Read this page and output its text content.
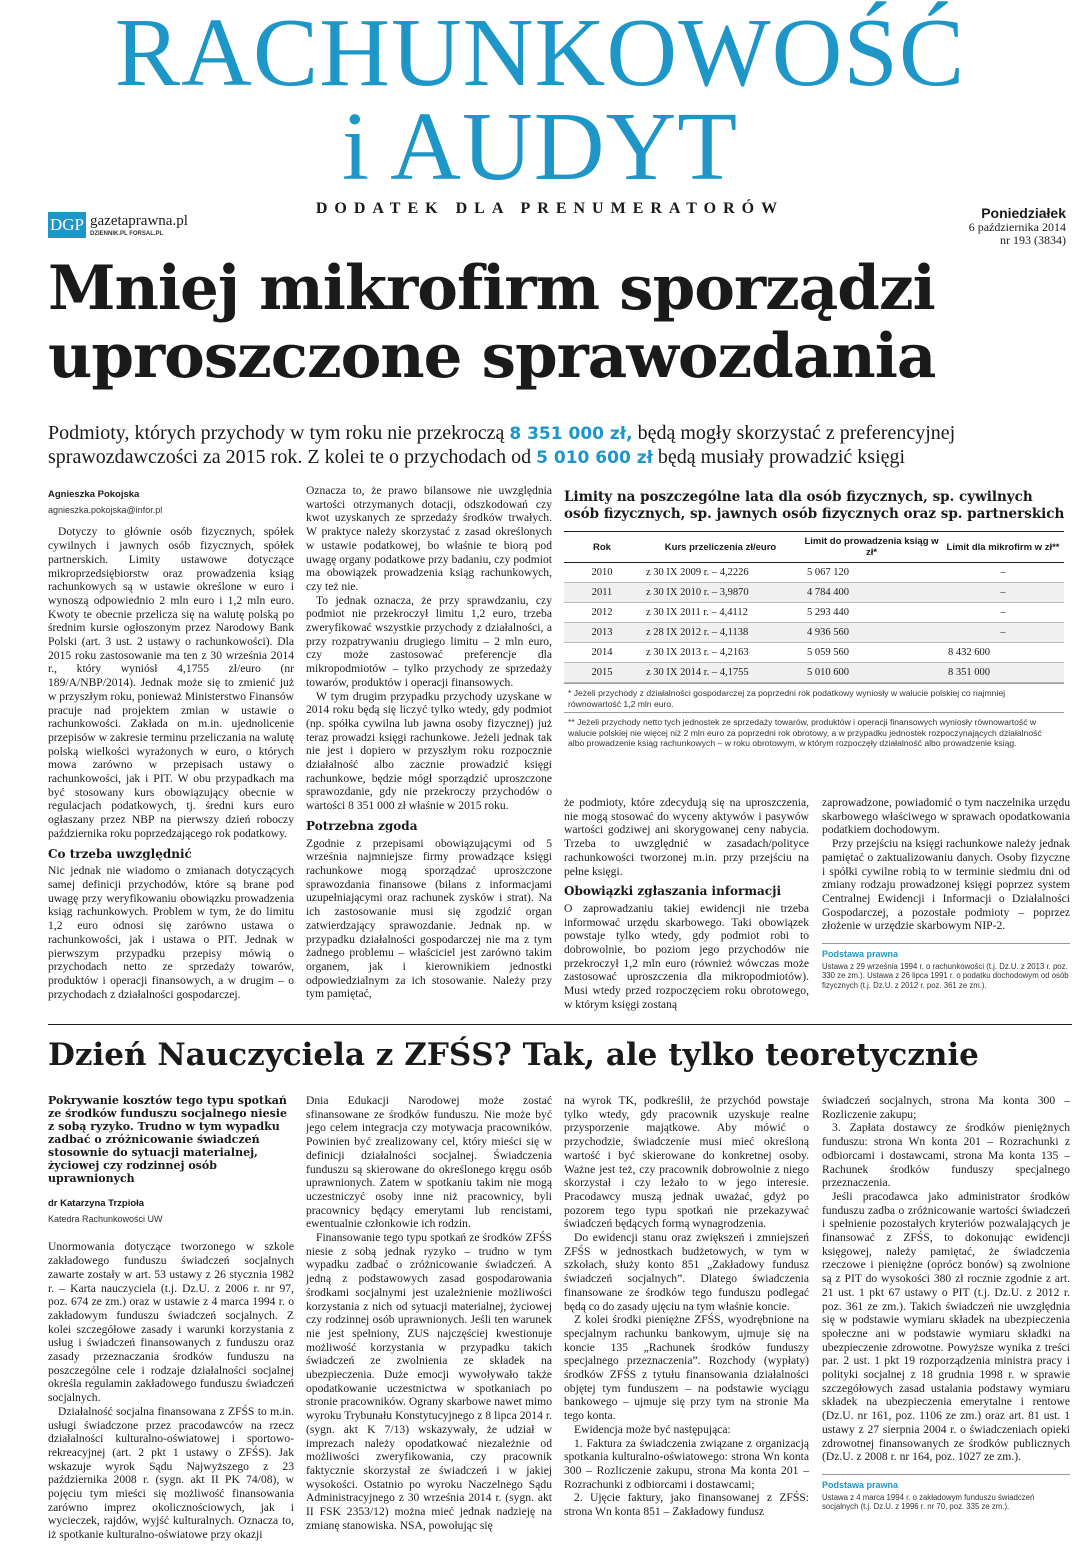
RACHUNKOWOŚĆ
i AUDYT
DODATEK DLA PRENUMERATORÓW
DGP gazetaprawna.pl
DZIENNIK.PL FORSAL.PL
Poniedziałek
6 października 2014
nr 193 (3834)
Mniej mikrofirm sporządzi
uproszczone sprawozdania
Podmioty, których przychody w tym roku nie przekroczą 8 351 000 zł, będą mogły skorzystać z preferencyjnej sprawozdawczości za 2015 rok. Z kolei te o przychodach od 5 010 600 zł będą musiały prowadzić księgi
Agnieszka Pokojska
agnieszka.pokojska@infor.pl

Dotyczy to głównie osób fizycznych, spółek cywilnych i jawnych osób fizycznych, spółek partnerskich. Limity ustawowe dotyczące mikroprzedsiębiorstw oraz prowadzenia ksiąg rachunkowych są w ustawie określone w euro i wynoszą odpowiednio 2 mln euro i 1,2 mln euro. Kwoty te obecnie przelicza się na walutę polską po średnim kursie ogłoszonym przez Narodowy Bank Polski (art. 3 ust. 2 ustawy o rachunkowości). Dla 2015 roku zastosowanie ma ten z 30 września 2014 r., który wyniósł 4,1755 zł/euro (nr 189/A/NBP/2014). Jednak może się to zmienić już w przyszłym roku, ponieważ Ministerstwo Finansów pracuje nad projektem zmian w ustawie o rachunkowości. Zakłada on m.in. ujednolicenie przepisów w zakresie terminu przeliczania na walutę polską wielkości wyrażonych w euro, o których mowa zarówno w przepisach ustawy o rachunkowości, jak i PIT. W obu przypadkach ma być stosowany kurs obowiązujący obecnie w regulacjach podatkowych, tj. średni kurs euro ogłaszany przez NBP na pierwszy dzień roboczy października roku poprzedzającego rok podatkowy.

Co trzeba uwzględnić

Nic jednak nie wiadomo o zmianach dotyczących samej definicji przychodów, które są brane pod uwagę przy weryfikowaniu obowiązku prowadzenia ksiąg rachunkowych. Problem w tym, że do limitu 1,2 euro odnosi się zarówno ustawa o rachunkowości, jak i ustawa o PIT. Jednak w pierwszym przypadku przepisy mówią o przychodach netto ze sprzedaży towarów, produktów i operacji finansowych, a w drugim – o przychodach z działalności gospodarczej.

Oznacza to, że prawo bilansowe nie uwzględnia wartości otrzymanych dotacji, odszkodowań czy kwot uzyskanych ze sprzedaży środków trwałych. W praktyce należy skorzystać z zasad określonych w ustawie podatkowej, bo właśnie te biorą pod uwagę organy podatkowe przy badaniu, czy podmiot ma obowiązek prowadzenia ksiąg rachunkowych, czy też nie.

To jednak oznacza, że przy sprawdzaniu, czy podmiot nie przekroczył limitu 1,2 euro, trzeba zweryfikować wszystkie przychody z działalności, a przy rozpatrywaniu drugiego limitu – 2 mln euro, czy może zastosować preferencje dla mikropodmiotów – tylko przychody ze sprzedaży towarów, produktów i operacji finansowych.

W tym drugim przypadku przychody uzyskane w 2014 roku będą się liczyć tylko wtedy, gdy podmiot (np. spółka cywilna lub jawna osoby fizycznej) już teraz prowadzi księgi rachunkowe. Jeżeli jednak tak nie jest i dopiero w przyszłym roku rozpocznie działalność albo zacznie prowadzić księgi rachunkowe, będzie mógł sporządzić uproszczone sprawozdanie, gdy nie przekroczy przychodów o wartości 8 351 000 zł właśnie w 2015 roku.

Potrzebna zgoda

Zgodnie z przepisami obowiązującymi od 5 września najmniejsze firmy prowadzące księgi rachunkowe mogą sporządzać uproszczone sprawozdania finansowe (bilans z informacjami uzupełniającymi oraz rachunek zysków i strat). Na ich zastosowanie musi się zgodzić organ zatwierdzający sprawozdanie. Jednak np. w przypadku działalności gospodarczej nie ma z tym żadnego problemu – właściciel jest zarówno takim organem, jak i kierownikiem jednostki odpowiedzialnym za ich stosowanie. Należy przy tym pamiętać,

Limity na poszczególne lata dla osób fizycznych, sp. cywilnych osób fizycznych, sp. jawnych osób fizycznych oraz sp. partnerskich
Rok	Kurs przeliczenia zł/euro	Limit do prowadzenia ksiąg w zł*	Limit dla mikrofirm w zł**
2010	z 30 IX 2009 r. – 4,2226	5 067 120	–
2011	z 30 IX 2010 r. – 3,9870	4 784 400	–
2012	z 30 IX 2011 r. – 4,4112	5 293 440	–
2013	z 28 IX 2012 r. – 4,1138	4 936 560	–
2014	z 30 IX 2013 r. – 4,2163	5 059 560	8 432 600
2015	z 30 IX 2014 r. – 4,1755	5 010 600	8 351 000
* Jeżeli przychody z działalności gospodarczej za poprzedni rok podatkowy wyniosły w walucie polskiej co najmniej równowartość 1,2 mln euro.
** Jeżeli przychody netto tych jednostek ze sprzedaży towarów, produktów i operacji finansowych wyniosły równowartość w walucie polskiej nie więcej niż 2 mln euro za poprzedni rok obrotowy, a w przypadku jednostek rozpoczynających działalność albo prowadzenie ksiąg rachunkowych – w roku obrotowym, w którym rozpoczęły działalność albo prowadzenie ksiąg.

że podmioty, które zdecydują się na uproszczenia, nie mogą stosować do wyceny aktywów i pasywów wartości godziwej ani skorygowanej ceny nabycia. Trzeba to uwzględnić w zasadach/polityce rachunkowości tworzonej m.in. przy przejściu na pełne księgi.

Obowiązki zgłaszania informacji

O zaprowadzaniu takiej ewidencji nie trzeba informować urzędu skarbowego. Taki obowiązek powstaje tylko wtedy, gdy podmiot robi to dobrowolnie, bo poziom jego przychodów nie przekroczył 1,2 mln euro (również wówczas może zastosować uproszczenia dla mikropodmiotów). Musi wtedy przed rozpoczęciem roku obrotowego, w którym księgi zostaną

zaprowadzone, powiadomić o tym naczelnika urzędu skarbowego właściwego w sprawach opodatkowania podatkiem dochodowym.

Przy przejściu na księgi rachunkowe należy jednak pamiętać o zaktualizowaniu danych. Osoby fizyczne i spółki cywilne robią to w terminie siedmiu dni od zmiany rodzaju prowadzonej księgi poprzez system Centralnej Ewidencji i Informacji o Działalności Gospodarczej, a pozostałe podmioty – poprzez złożenie w urzędzie skarbowym NIP-2.

Podstawa prawna
Ustawa z 29 września 1994 r. o rachunkowości (t.j. Dz.U. z 2013 r. poz. 330 ze zm.). Ustawa z 26 lipca 1991 r. o podatku dochodowym od osób fizycznych (t.j. Dz.U. z 2012 r. poz. 361 ze zm.).
Dzień Nauczyciela z ZFŚS? Tak, ale tylko teoretycznie
Pokrywanie kosztów tego typu spotkań ze środków funduszu socjalnego niesie z sobą ryzyko. Trudno w tym wypadku zadbać o zróżnicowanie świadczeń stosownie do sytuacji materialnej, życiowej czy rodzinnej osób uprawnionych
dr Katarzyna Trzpioła
Katedra Rachunkowości UW

Unormowania dotyczące tworzonego w szkole zakładowego funduszu świadczeń socjalnych zawarte zostały w art. 53 ustawy z 26 stycznia 1982 r. – Karta nauczyciela (t.j. Dz.U. z 2006 r. nr 97, poz. 674 ze zm.) oraz w ustawie z 4 marca 1994 r. o zakładowym funduszu świadczeń socjalnych. Z kolei szczegółowe zasady i warunki korzystania z usług i świadczeń finansowanych z funduszu oraz zasady przeznaczania środków funduszu na poszczególne cele i rodzaje działalności socjalnej określa regulamin zakładowego funduszu świadczeń socjalnych.

Działalność socjalna finansowana z ZFŚS to m.in. usługi świadczone przez pracodawców na rzecz działalności kulturalno-oświatowej i sportowo-rekreacyjnej (art. 2 pkt 1 ustawy o ZFŚS). Jak wskazuje wyrok Sądu Najwyższego z 23 października 2008 r. (sygn. akt II PK 74/08), w pojęciu tym mieści się możliwość finansowania zarówno imprez okolicznościowych, jak i wycieczek, rajdów, wyjść kulturalnych. Oznacza to, iż spotkanie kulturalno-oświatowe przy okazji

Dnia Edukacji Narodowej może zostać sfinansowane ze środków funduszu. Nie może być jego celem integracja czy motywacja pracowników. Powinien być zrealizowany cel, który mieści się w definicji działalności socjalnej. Świadczenia funduszu są skierowane do określonego kręgu osób uprawnionych. Zatem w spotkaniu takim nie mogą uczestniczyć osoby inne niż pracownicy, byli pracownicy będący emerytami lub rencistami, ewentualnie członkowie ich rodzin.

Finansowanie tego typu spotkań ze środków ZFŚS niesie z sobą jednak ryzyko – trudno w tym wypadku zadbać o zróżnicowanie świadczeń. A jedną z podstawowych zasad gospodarowania środkami socjalnymi jest uzależnienie możliwości korzystania z nich od sytuacji materialnej, życiowej czy rodzinnej osób uprawnionych. Jeśli ten warunek nie jest spełniony, ZUS najczęściej kwestionuje możliwość korzystania w przypadku takich świadczeń ze zwolnienia ze składek na ubezpieczenia. Duże emocji wywoływało także opodatkowanie uczestnictwa w spotkaniach po stronie pracowników. Ograny skarbowe nawet mimo wyroku Trybunału Konstytucyjnego z 8 lipca 2014 r. (sygn. akt K 7/13) wskazywały, że udział w imprezach należy opodatkować niezależnie od możliwości zweryfikowania, czy pracownik faktycznie skorzystał ze świadczeń i w jakiej wysokości. Ostatnio po wyroku Naczelnego Sądu Administracyjnego z 30 września 2014 r. (sygn. akt II FSK 2353/12) można mieć jednak nadzieję na zmianę stanowiska. NSA, powołując się

na wyrok TK, podkreślił, że przychód powstaje tylko wtedy, gdy pracownik uzyskuje realne przysporzenie majątkowe. Aby mówić o przychodzie, świadczenie musi mieć określoną wartość i być skierowane do konkretnej osoby. Ważne jest też, czy pracownik dobrowolnie z niego skorzystał i czy leżało to w jego interesie. Pracodawcy muszą jednak uważać, gdyż po pozorem tego typu spotkań nie przekazywać świadczeń będących formą wynagrodzenia.

Do ewidencji stanu oraz zwiększeń i zmniejszeń ZFŚS w jednostkach budżetowych, w tym w szkołach, służy konto 851 „Zakładowy fundusz świadczeń socjalnych”. Dlatego świadczenia finansowane ze środków tego funduszu podlegać będą co do zasady ujęciu na tym właśnie koncie.

Z kolei środki pieniężne ZFŚS, wyodrębnione na specjalnym rachunku bankowym, ujmuje się na koncie 135 „Rachunek środków funduszy specjalnego przeznaczenia”. Rozchody (wypłaty) środków ZFŚS z tytułu finansowania działalności objętej tym funduszem – na podstawie wyciągu bankowego – ujmuje się przy tym na stronie Ma tego konta.

Ewidencja może być następująca:

1. Faktura za świadczenia związane z organizacją spotkania kulturalno-oświatowego: strona Wn konta 300 – Rozliczenie zakupu, strona Ma konta 201 – Rozrachunki z odbiorcami i dostawcami;

2. Ujęcie faktury, jako finansowanej z ZFŚS: strona Wn konta 851 – Zakładowy fundusz

świadczeń socjalnych, strona Ma konta 300 – Rozliczenie zakupu;

3. Zapłata dostawcy ze środków pieniężnych funduszu: strona Wn konta 201 – Rozrachunki z odbiorcami i dostawcami, strona Ma konta 135 – Rachunek środków funduszy specjalnego przeznaczenia.

Jeśli pracodawca jako administrator środków funduszu zadba o zróżnicowanie wartości świadczeń i spełnienie pozostałych kryteriów pozwalających je finansować z ZFŚS, to dokonując ewidencji księgowej, należy pamiętać, że świadczenia rzeczowe i pieniężne (oprócz bonów) są zwolnione są z PIT do wysokości 380 zł rocznie zgodnie z art. 21 ust. 1 pkt 67 ustawy o PIT (t.j. Dz.U. z 2012 r. poz. 361 ze zm.). Takich świadczeń nie uwzględnia się w podstawie wymiaru składek na ubezpieczenia społeczne ani w podstawie wymiaru składki na ubezpieczenie zdrowotne. Powyższe wynika z treści par. 2 ust. 1 pkt 19 rozporządzenia ministra pracy i polityki socjalnej z 18 grudnia 1998 r. w sprawie szczegółowych zasad ustalania podstawy wymiaru składek na ubezpieczenia emerytalne i rentowe (Dz.U. nr 161, poz. 1106 ze zm.) oraz art. 81 ust. 1 ustawy z 27 sierpnia 2004 r. o świadczeniach opieki zdrowotnej finansowanych ze środków publicznych (Dz.U. z 2008 r. nr 164, poz. 1027 ze zm.).

Podstawa prawna
Ustawa z 4 marca 1994 r. o zakładowym funduszu świadczeń socjalnych (t.j. Dz.U. z 1996 r. nr 70, poz. 335 ze zm.).
